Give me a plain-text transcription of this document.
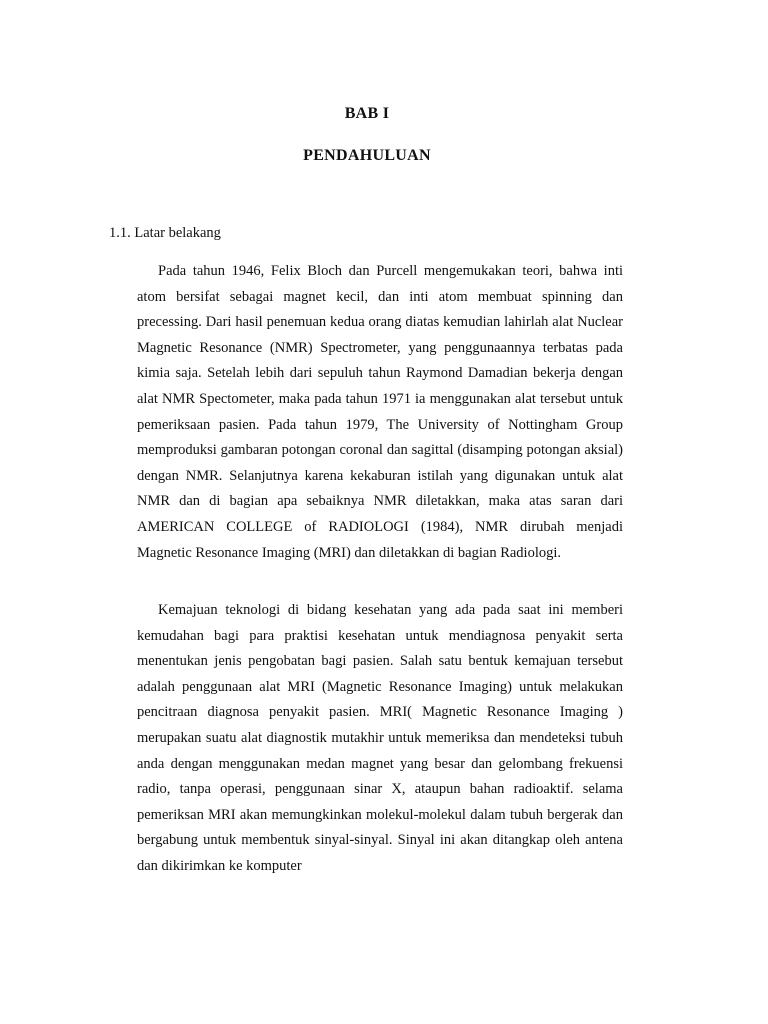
BAB I
PENDAHULUAN
1.1. Latar belakang

Pada tahun 1946, Felix Bloch dan Purcell mengemukakan teori, bahwa inti atom bersifat sebagai magnet kecil, dan inti atom membuat spinning dan precessing. Dari hasil penemuan kedua orang diatas kemudian lahirlah alat Nuclear Magnetic Resonance (NMR) Spectrometer, yang penggunaannya terbatas pada kimia saja. Setelah lebih dari sepuluh tahun Raymond Damadian bekerja dengan alat NMR Spectometer, maka pada tahun 1971 ia menggunakan alat tersebut untuk pemeriksaan pasien. Pada tahun 1979, The University of Nottingham Group memproduksi gambaran potongan coronal dan sagittal (disamping potongan aksial) dengan NMR. Selanjutnya karena kekaburan istilah yang digunakan untuk alat NMR dan di bagian apa sebaiknya NMR diletakkan, maka atas saran dari AMERICAN COLLEGE of RADIOLOGI (1984), NMR dirubah menjadi Magnetic Resonance Imaging (MRI) dan diletakkan di bagian Radiologi.

Kemajuan teknologi di bidang kesehatan yang ada pada saat ini memberi kemudahan bagi para praktisi kesehatan untuk mendiagnosa penyakit serta menentukan jenis pengobatan bagi pasien. Salah satu bentuk kemajuan tersebut adalah penggunaan alat MRI (Magnetic Resonance Imaging) untuk melakukan pencitraan diagnosa penyakit pasien. MRI( Magnetic Resonance Imaging ) merupakan suatu alat diagnostik mutakhir untuk memeriksa dan mendeteksi tubuh anda dengan menggunakan medan magnet yang besar dan gelombang frekuensi radio, tanpa operasi, penggunaan sinar X, ataupun bahan radioaktif. selama pemeriksan MRI akan memungkinkan molekul-molekul dalam tubuh bergerak dan bergabung untuk membentuk sinyal-sinyal. Sinyal ini akan ditangkap oleh antena dan dikirimkan ke komputer
